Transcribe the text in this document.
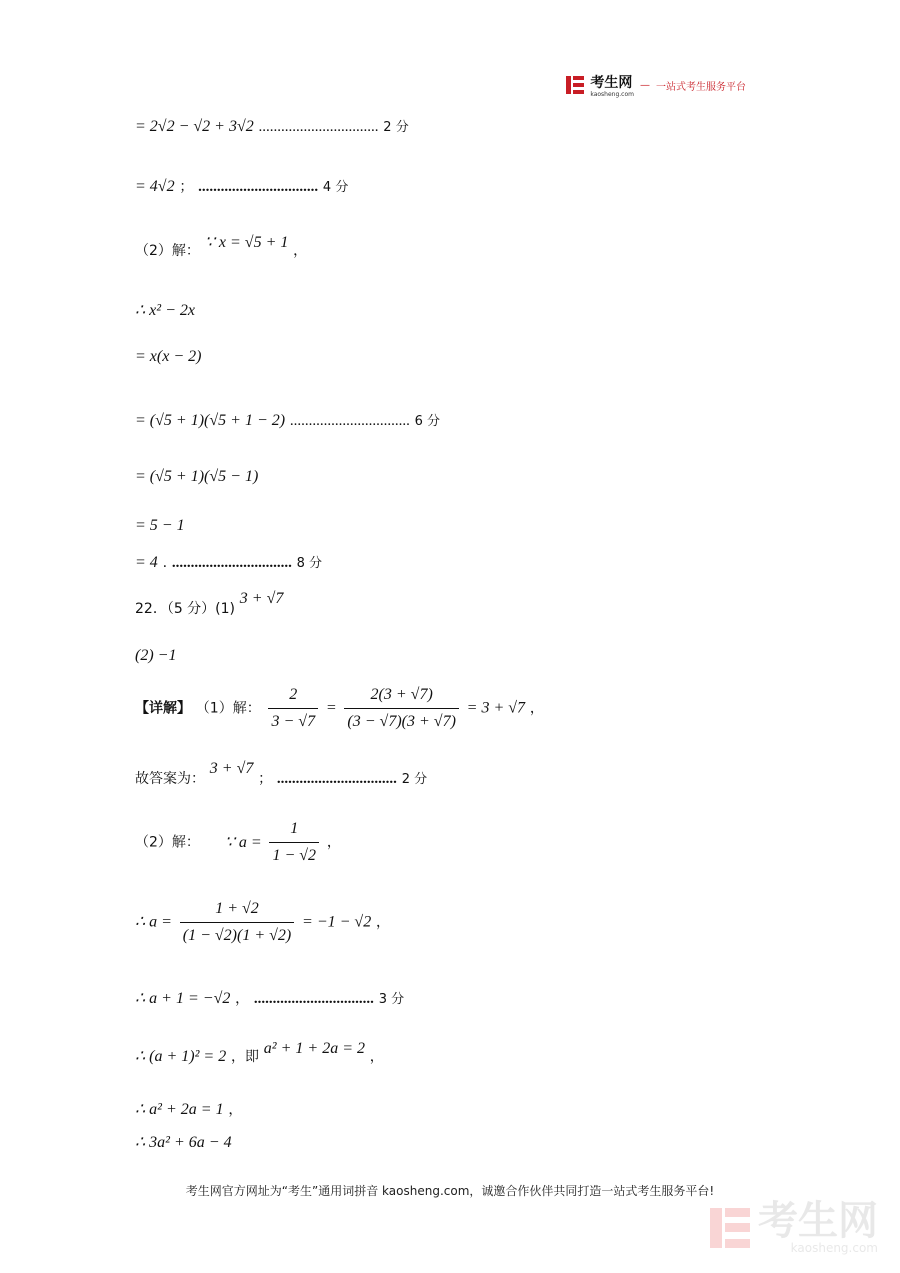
考生网
kaosheng.com
— 一站式考生服务平台
= 2√2 − √2 + 3√2 ................................ 2 分
= 4√2 ； ................................ 4 分
（2）解： ∵ x = √5 + 1 ，
∴ x² − 2x
= x(x − 2)
= (√5 + 1)(√5 + 1 − 2) ................................ 6 分
= (√5 + 1)(√5 − 1)
= 5 − 1
= 4 . ................................ 8 分
22．（5 分）(1) 3 + √7
(2) −1
【详解】 （1）解： $\frac{2}{3 - √7} = \frac{2(3 + √7)}{(3 - √7)(3 + √7)} = 3 + √7$ ，
故答案为： 3 + √7 ； ................................ 2 分
（2）解： ∵ $a = \frac{1}{1 - √2}$ ，
∴ $a = \frac{1 + √2}{(1 - √2)(1 + √2)} = -1 - √2$ ，
∴ a + 1 = −√2 ， ................................ 3 分
∴ (a + 1)² = 2 ，即 a² + 1 + 2a = 2 ，
∴ a² + 2a = 1 ，
∴ 3a² + 6a − 4
考生网官方网址为“考生”通用词拼音 kaosheng.com，诚邀合作伙伴共同打造一站式考生服务平台!
考生网
kaosheng.com
